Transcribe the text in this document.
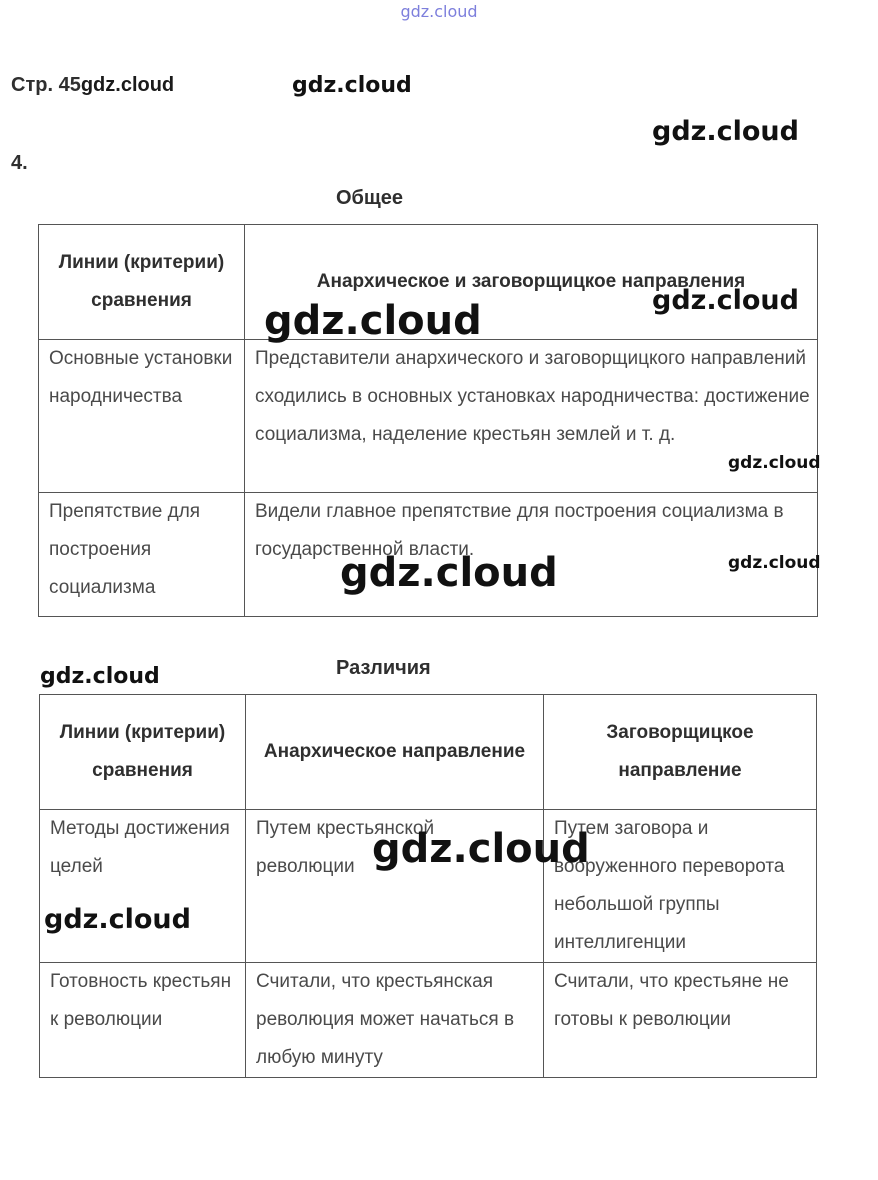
gdz.cloud
Стр. 45gdz.cloud	gdz.cloud
gdz.cloud
4.
Общее
Линии (критерии) сравнения	Анархическое и заговорщицкое направления
Основные установки народничества	Представители анархического и заговорщицкого направлений сходились в основных установках народничества: достижение социализма, наделение крестьян землей и т. д.
Препятствие для построения социализма	Видели главное препятствие для построения социализма в государственной власти.
gdz.cloud
gdz.cloud
gdz.cloud
gdz.cloud
gdz.cloud
Различия
gdz.cloud
Линии (критерии) сравнения	Анархическое направление	Заговорщицкое направление
Методы достижения целей	Путем крестьянской революции	Путем заговора и вооруженного переворота небольшой группы интеллигенции
Готовность крестьян к революции	Считали, что крестьянская революция может начаться в любую минуту	Считали, что крестьяне не готовы к революции
gdz.cloud
gdz.cloud
